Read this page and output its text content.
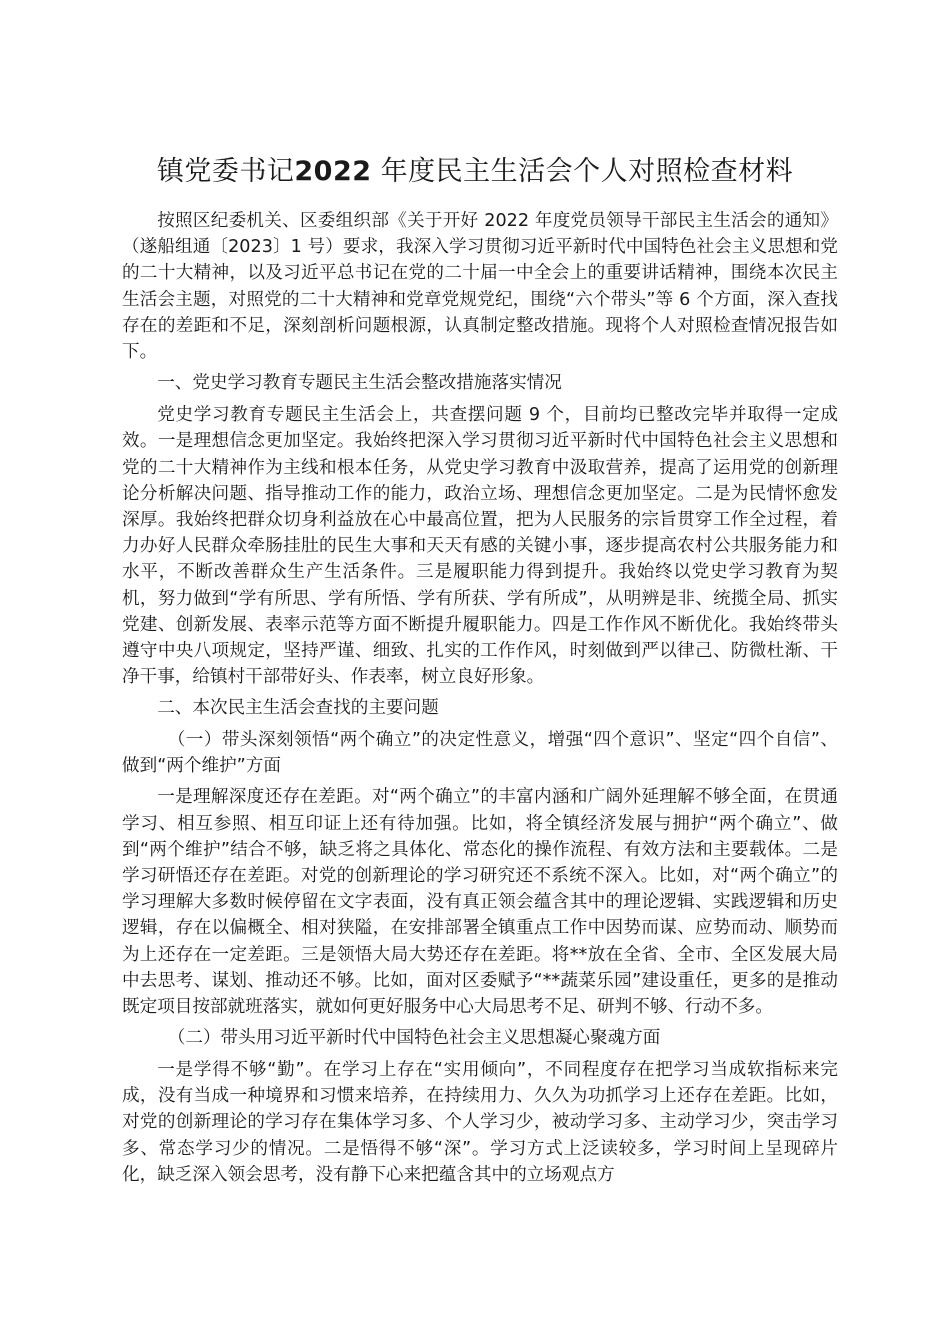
镇党委书记2022 年度民主生活会个人对照检查材料

按照区纪委机关、区委组织部《关于开好 2022 年度党员领导干部民主生活会的通知》（遂船组通〔2023〕1 号）要求，我深入学习贯彻习近平新时代中国特色社会主义思想和党的二十大精神，以及习近平总书记在党的二十届一中全会上的重要讲话精神，围绕本次民主生活会主题，对照党的二十大精神和党章党规党纪，围绕“六个带头”等 6 个方面，深入查找存在的差距和不足，深刻剖析问题根源，认真制定整改措施。现将个人对照检查情况报告如下。

一、党史学习教育专题民主生活会整改措施落实情况

党史学习教育专题民主生活会上，共查摆问题 9 个，目前均已整改完毕并取得一定成效。一是理想信念更加坚定。我始终把深入学习贯彻习近平新时代中国特色社会主义思想和党的二十大精神作为主线和根本任务，从党史学习教育中汲取营养，提高了运用党的创新理论分析解决问题、指导推动工作的能力，政治立场、理想信念更加坚定。二是为民情怀愈发深厚。我始终把群众切身利益放在心中最高位置，把为人民服务的宗旨贯穿工作全过程，着力办好人民群众牵肠挂肚的民生大事和天天有感的关键小事，逐步提高农村公共服务能力和水平，不断改善群众生产生活条件。三是履职能力得到提升。我始终以党史学习教育为契机，努力做到“学有所思、学有所悟、学有所获、学有所成”，从明辨是非、统揽全局、抓实党建、创新发展、表率示范等方面不断提升履职能力。四是工作作风不断优化。我始终带头遵守中央八项规定，坚持严谨、细致、扎实的工作作风，时刻做到严以律己、防微杜渐、干净干事，给镇村干部带好头、作表率，树立良好形象。

二、本次民主生活会查找的主要问题

（一）带头深刻领悟“两个确立”的决定性意义，增强“四个意识”、坚定“四个自信”、做到“两个维护”方面

一是理解深度还存在差距。对“两个确立”的丰富内涵和广阔外延理解不够全面，在贯通学习、相互参照、相互印证上还有待加强。比如，将全镇经济发展与拥护“两个确立”、做到“两个维护”结合不够，缺乏将之具体化、常态化的操作流程、有效方法和主要载体。二是学习研悟还存在差距。对党的创新理论的学习研究还不系统不深入。比如，对“两个确立”的学习理解大多数时候停留在文字表面，没有真正领会蕴含其中的理论逻辑、实践逻辑和历史逻辑，存在以偏概全、相对狭隘，在安排部署全镇重点工作中因势而谋、应势而动、顺势而为上还存在一定差距。三是领悟大局大势还存在差距。将**放在全省、全市、全区发展大局中去思考、谋划、推动还不够。比如，面对区委赋予“**蔬菜乐园”建设重任，更多的是推动既定项目按部就班落实，就如何更好服务中心大局思考不足、研判不够、行动不多。

（二）带头用习近平新时代中国特色社会主义思想凝心聚魂方面

一是学得不够“勤”。在学习上存在“实用倾向”，不同程度存在把学习当成软指标来完成，没有当成一种境界和习惯来培养，在持续用力、久久为功抓学习上还存在差距。比如，对党的创新理论的学习存在集体学习多、个人学习少，被动学习多、主动学习少，突击学习多、常态学习少的情况。二是悟得不够“深”。学习方式上泛读较多，学习时间上呈现碎片化，缺乏深入领会思考，没有静下心来把蕴含其中的立场观点方
